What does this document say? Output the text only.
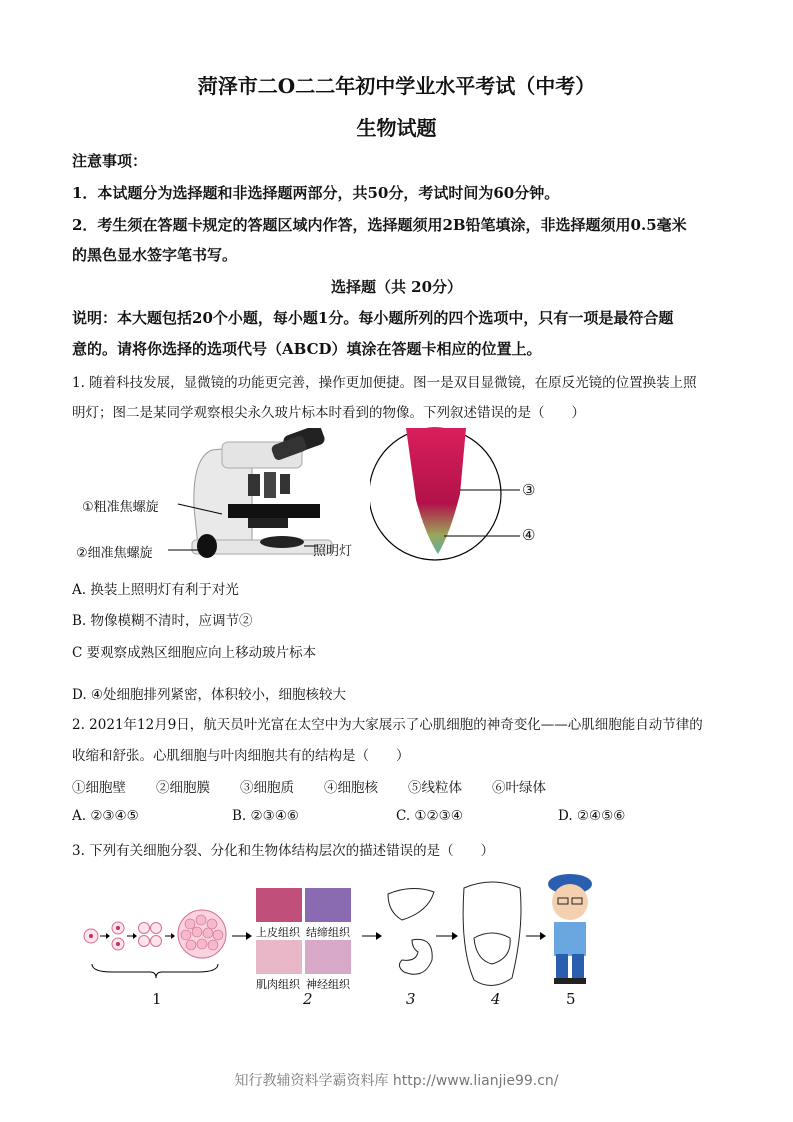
菏泽市二O二二年初中学业水平考试（中考）
生物试题
注意事项：
1．本试题分为选择题和非选择题两部分，共50分，考试时间为60分钟。
2．考生须在答题卡规定的答题区域内作答，选择题须用2B铅笔填涂，非选择题须用0.5毫米
的黑色显水签字笔书写。
选择题（共 20分）
说明：本大题包括20个小题，每小题1分。每小题所列的四个选项中，只有一项是最符合题
意的。请将你选择的选项代号（ABCD）填涂在答题卡相应的位置上。
1. 随着科技发展，显微镜的功能更完善，操作更加便捷。图一是双目显微镜，在原反光镜的位置换装上照
明灯；图二是某同学观察根尖永久玻片标本时看到的物像。下列叙述错误的是（　　）
①粗准焦螺旋
②细准焦螺旋	照明灯
③
④
A. 换装上照明灯有利于对光
B. 物像模糊不清时，应调节②
C 要观察成熟区细胞应向上移动玻片标本
D. ④处细胞排列紧密，体积较小，细胞核较大
2. 2021年12月9日，航天员叶光富在太空中为大家展示了心肌细胞的神奇变化——心肌细胞能自动节律的
收缩和舒张。心肌细胞与叶肉细胞共有的结构是（　　）
①细胞壁 ②细胞膜 ③细胞质 ④细胞核 ⑤线粒体 ⑥叶绿体
A. ②③④⑤	B. ②③④⑥	C. ①②③④	D. ②④⑤⑥
3. 下列有关细胞分裂、分化和生物体结构层次的描述错误的是（　　）
上皮组织 结缔组织
肌肉组织 神经组织
1	2	3	4	5
知行教辅资料学霸资料库 http://www.lianjie99.cn/
